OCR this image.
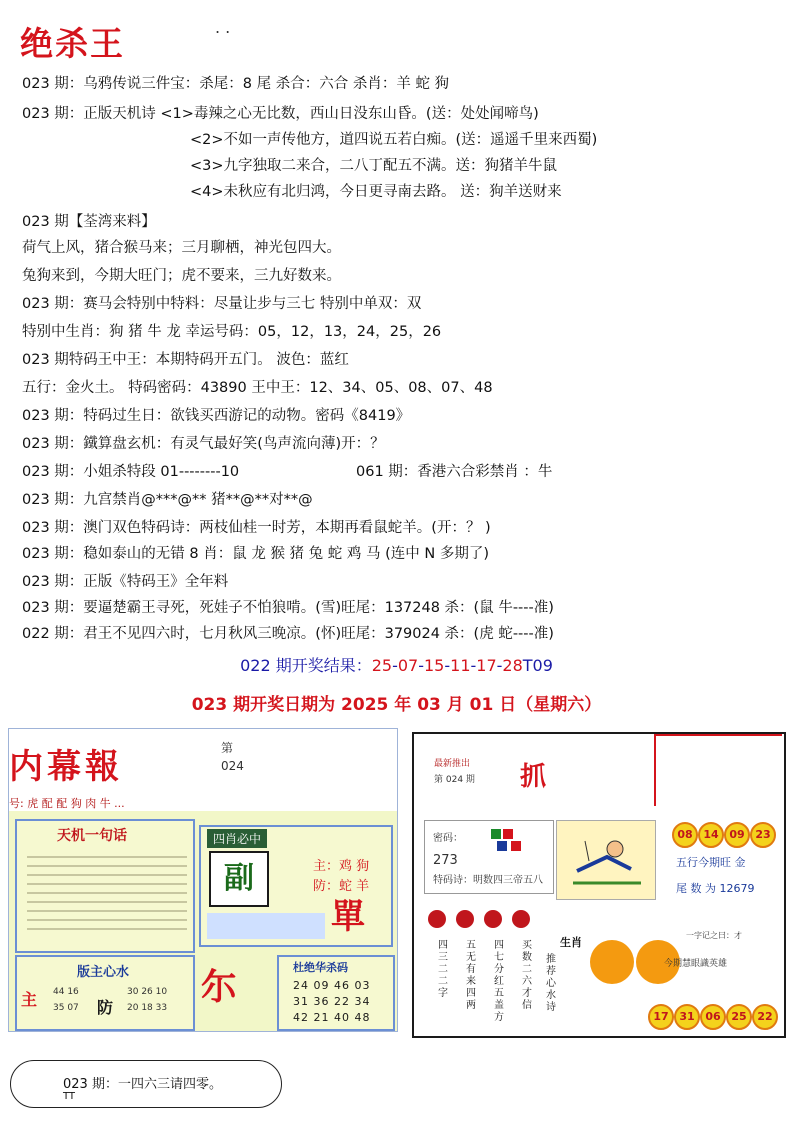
绝杀王	. .
023 期：乌鸦传说三件宝：杀尾：8 尾 杀合：六合 杀肖：羊 蛇 狗
023 期：正版天机诗 <1>毒辣之心无比数，西山日没东山昏。(送：处处闻啼鸟)
<2>不如一声传他方，道四说五若白痴。(送：遥遥千里来西蜀)
<3>九字独取二来合，二八丁配五不满。送：狗猪羊牛鼠
<4>未秋应有北归鸿，今日更寻南去路。 送：狗羊送财来
023 期【荃湾来料】
荷气上风，猪合猴马来；三月聊栖，神光包四大。
兔狗来到，今期大旺门；虎不要来，三九好数来。
023 期：赛马会特别中特料：尽量让步与三七 特别中单双：双
特别中生肖：狗 猪 牛 龙 幸运号码：05，12，13，24，25，26
023 期特码王中王：本期特码开五门。 波色：蓝红
五行：金火土。 特码密码：43890 王中王：12、34、05、08、07、48
023 期：特码过生日：欲钱买西游记的动物。密码《8419》
023 期：鐵算盘玄机：有灵气最好笑(鸟声流向薄)开：？
023 期：小姐杀特段 01--------10	061 期：香港六合彩禁肖 ：牛
023 期：九宫禁肖@***@** 猪**@**对**@
023 期：澳门双色特码诗：两枝仙桂一时芳，本期再看鼠蛇羊。(开：？ )
023 期：稳如泰山的无错 8 肖：鼠 龙 猴 猪 兔 蛇 鸡 马 (连中 N 多期了)
023 期：正版《特码王》全年料
023 期：要逼楚霸王寻死，死娃子不怕狼啃。(雪)旺尾：137248 杀：(鼠 牛----准)
022 期：君王不见四六时，七月秋风三晚凉。(怀)旺尾：379024 杀：(虎 蛇----准)
022 期开奖结果：25-07-15-11-17-28T09
023 期开奖日期为 2025 年 03 月 01 日（星期六）
内幕報	第
024
号: 虎 配 配 狗 肉 牛 ...
天机一句话	四肖必中
副	主：鸡 狗
防：蛇 羊
單
版主心水
主 44 16
35 07 防
30 26 10
20 18 33 尓	杜绝华杀码
24 09 46 03
31 36 22 34
42 21 40 48
最新推出
第 024 期 抓
密码：
273
特码诗：明数四三帝五八
08 14 09 23
五行今期旺 金
尾 数 为 12679
四
三
二
二
字
五
无
有
来
四
两
四
七
分
红
五
盖
方
买
数
二
六
才
信
推
荐
心
水
诗
生肖
一字记之曰：才
今期慧眼識英雄
17 31 06 25 22
023 期：一四六三请四零。
TT
